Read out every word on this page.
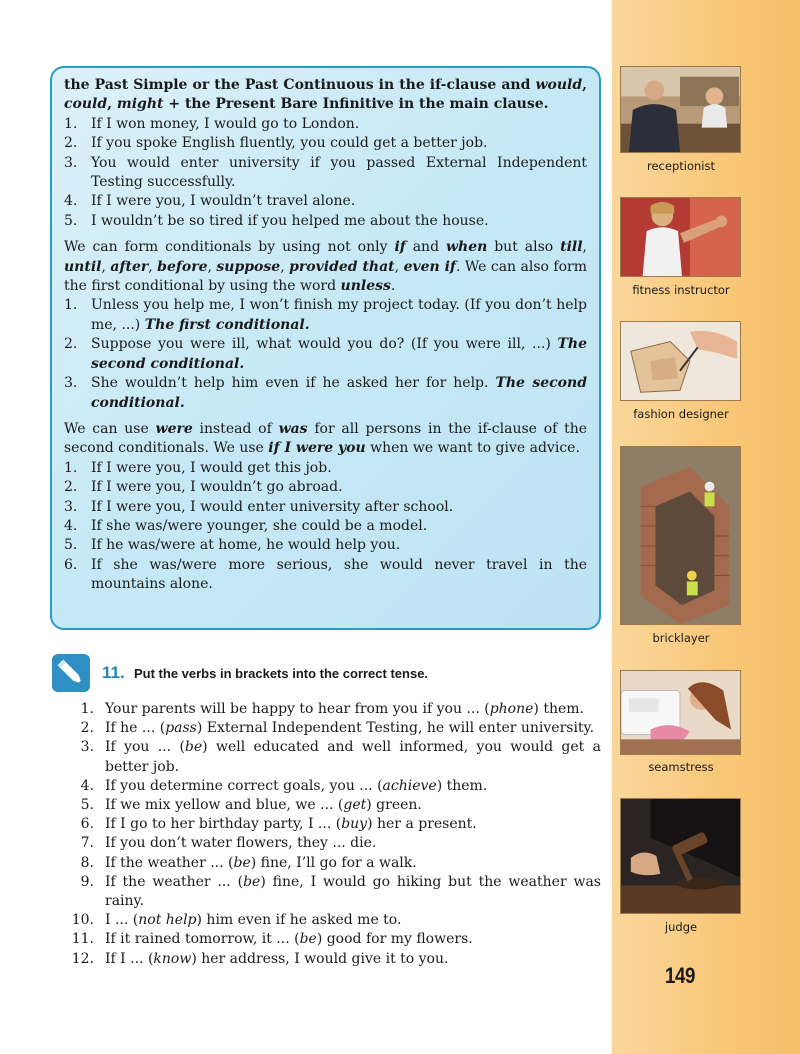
receptionist
fitness instructor
fashion designer
bricklayer
seamstress
judge
149

the Past Simple or the Past Continuous in the if-clause and would, could, might + the Present Bare Infinitive in the main clause.

1. If I won money, I would go to London.
2. If you spoke English fluently, you could get a better job.
3. You would enter university if you passed External Independent Testing successfully.
4. If I were you, I wouldn’t travel alone.
5. I wouldn’t be so tired if you helped me about the house.

We can form conditionals by using not only if and when but also till, until, after, before, suppose, provided that, even if. We can also form the first conditional by using the word unless.

1. Unless you help me, I won’t finish my project today. (If you don’t help me, ...) The first conditional.
2. Suppose you were ill, what would you do? (If you were ill, ...) The second conditional.
3. She wouldn’t help him even if he asked her for help. The second conditional.

We can use were instead of was for all persons in the if-clause of the second conditionals. We use if I were you when we want to give advice.

1. If I were you, I would get this job.
2. If I were you, I wouldn’t go abroad.
3. If I were you, I would enter university after school.
4. If she was/were younger, she could be a model.
5. If he was/were at home, he would help you.
6. If she was/were more serious, she would never travel in the mountains alone.
11. Put the verbs in brackets into the correct tense.
1. Your parents will be happy to hear from you if you ... (phone) them.
2. If he ... (pass) External Independent Testing, he will enter university.
3. If you ... (be) well educated and well informed, you would get a better job.
4. If you determine correct goals, you ... (achieve) them.
5. If we mix yellow and blue, we ... (get) green.
6. If I go to her birthday party, I ... (buy) her a present.
7. If you don’t water flowers, they ... die.
8. If the weather ... (be) fine, I’ll go for a walk.
9. If the weather ... (be) fine, I would go hiking but the weather was rainy.
10. I ... (not help) him even if he asked me to.
11. If it rained tomorrow, it ... (be) good for my flowers.
12. If I ... (know) her address, I would give it to you.
